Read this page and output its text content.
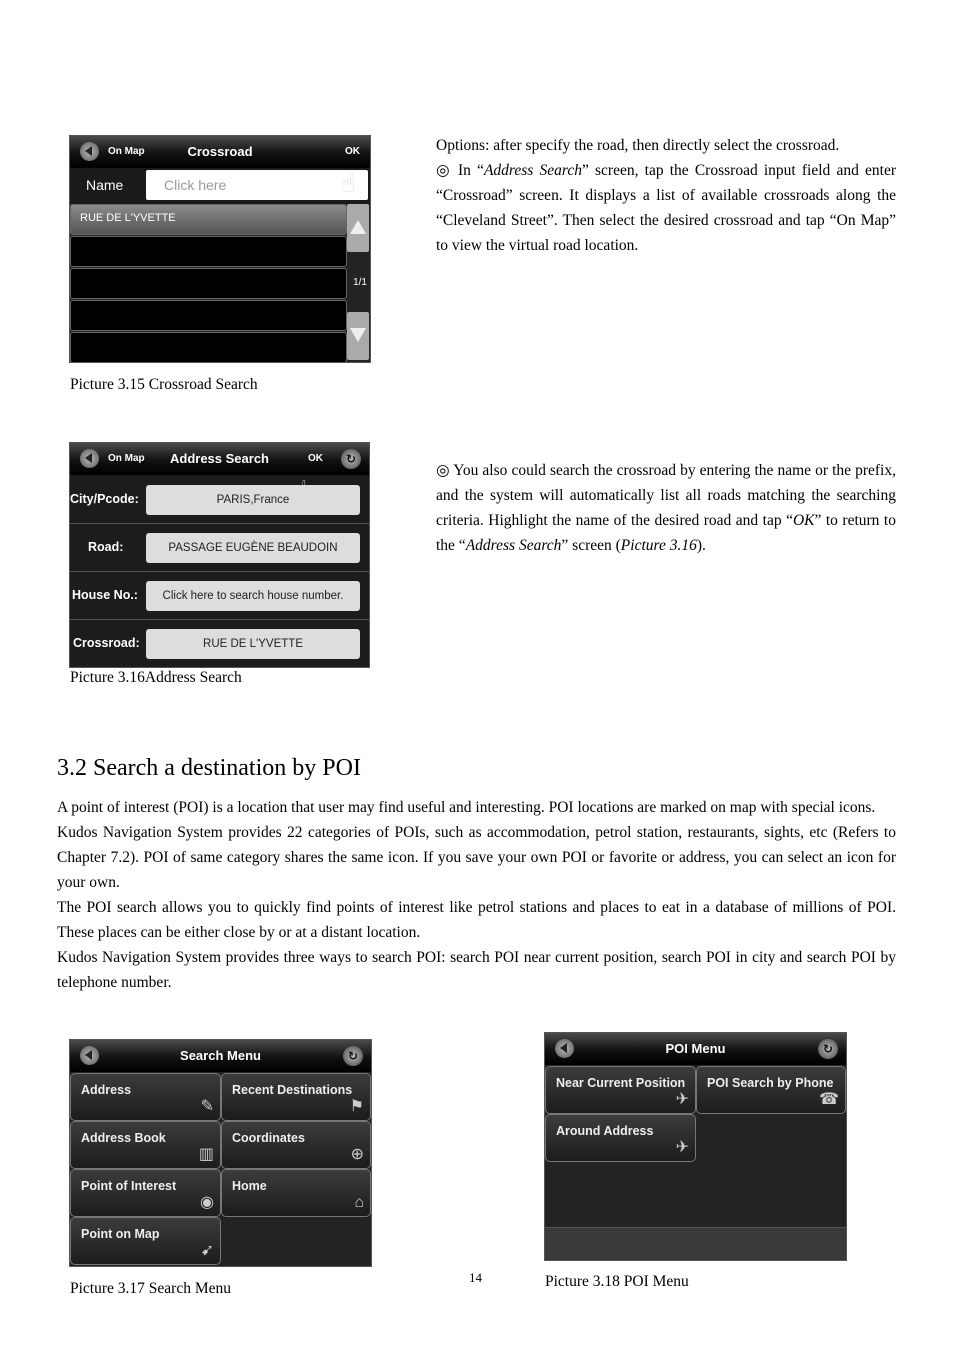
On Map	Crossroad	OK
Name	Click here	☝
RUE DE L'YVETTE
1/1
Picture 3.15 Crossroad Search
Options: after specify the road, then directly select the crossroad.
◎ In “Address Search” screen, tap the Crossroad input field and enter “Crossroad” screen. It displays a list of available crossroads along the “Cleveland Street”. Then select the desired crossroad and tap “On Map” to view the virtual road location.
On Map	Address Search	OK	↻
City/Pcode:	PARIS,France ☝
Road:	PASSAGE EUGÈNE BEAUDOIN
House No.:	Click here to search house number.
Crossroad:	RUE DE L'YVETTE
Picture 3.16Address Search
◎ You also could search the crossroad by entering the name or the prefix, and the system will automatically list all roads matching the searching criteria. Highlight the name of the desired road and tap “OK” to return to the “Address Search” screen (Picture 3.16).
3.2 Search a destination by POI
A point of interest (POI) is a location that user may find useful and interesting. POI locations are marked on map with special icons.
Kudos Navigation System provides 22 categories of POIs, such as accommodation, petrol station, restaurants, sights, etc (Refers to Chapter 7.2). POI of same category shares the same icon. If you save your own POI or favorite or address, you can select an icon for your own.
The POI search allows you to quickly find points of interest like petrol stations and places to eat in a database of millions of POI. These places can be either close by or at a distant location.
Kudos Navigation System provides three ways to search POI: search POI near current position, search POI in city and search POI by telephone number.
Search Menu	↻
Address
✎
Recent Destinations
⚑
Address Book
▥
Coordinates
⊕
Point of Interest
◉
Home
⌂
Point on Map
➹
Picture 3.17 Search Menu
14
POI Menu	↻
Near Current Position
✈
POI Search by Phone
☎
Around Address
✈
Picture 3.18 POI Menu
